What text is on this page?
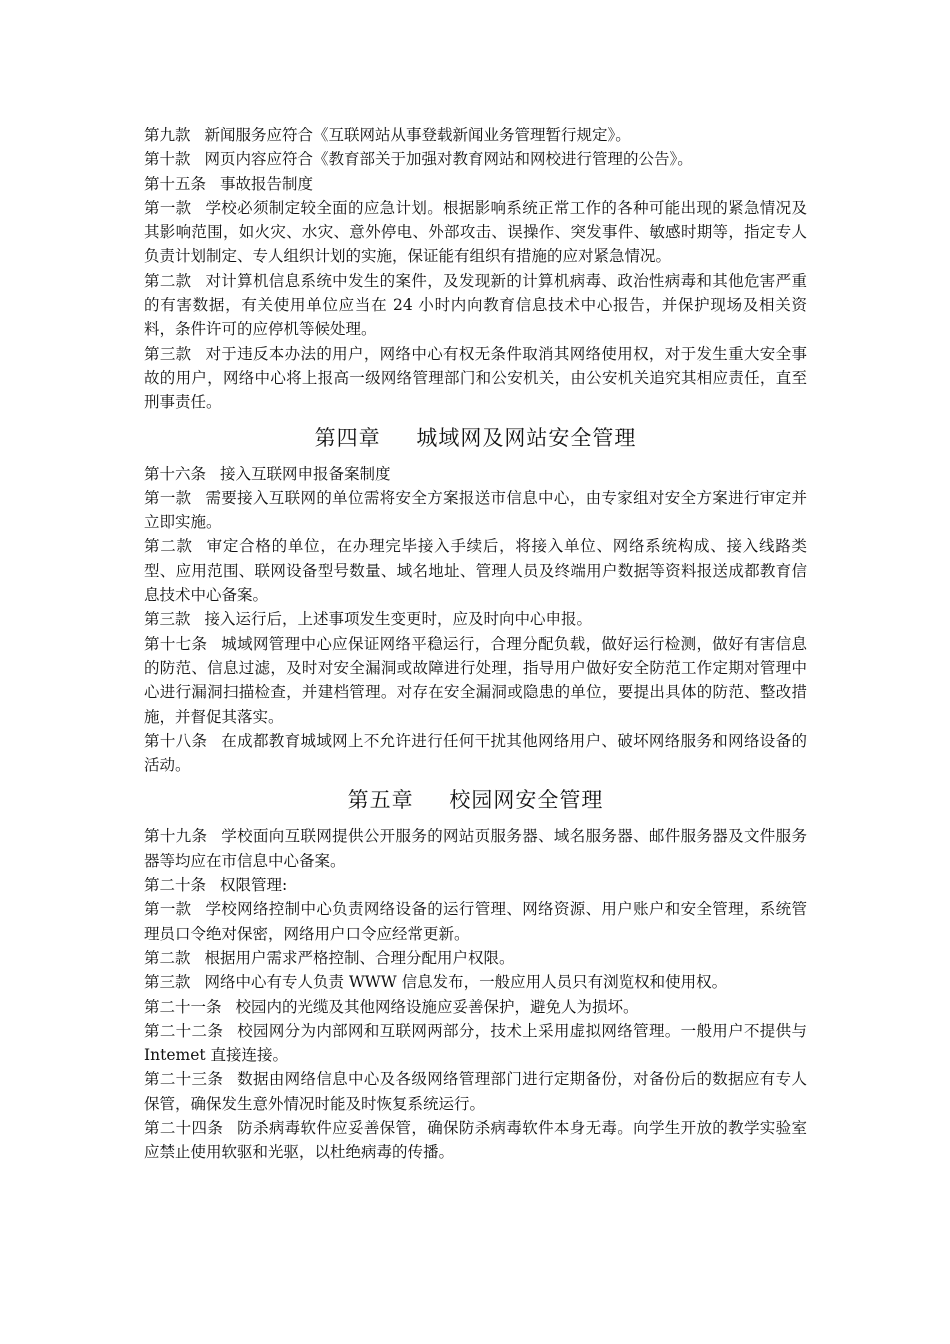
第九款 新闻服务应符合《互联网站从事登载新闻业务管理暂行规定》。

第十款 网页内容应符合《教育部关于加强对教育网站和网校进行管理的公告》。

第十五条 事故报告制度

第一款 学校必须制定较全面的应急计划。根据影响系统正常工作的各种可能出现的紧急情况及其影响范围，如火灾、水灾、意外停电、外部攻击、误操作、突发事件、敏感时期等，指定专人负责计划制定、专人组织计划的实施，保证能有组织有措施的应对紧急情况。

第二款 对计算机信息系统中发生的案件，及发现新的计算机病毒、政治性病毒和其他危害严重的有害数据，有关使用单位应当在 24 小时内向教育信息技术中心报告，并保护现场及相关资料，条件许可的应停机等候处理。

第三款 对于违反本办法的用户，网络中心有权无条件取消其网络使用权，对于发生重大安全事故的用户，网络中心将上报高一级网络管理部门和公安机关，由公安机关追究其相应责任，直至刑事责任。

第四章 城域网及网站安全管理

第十六条 接入互联网申报备案制度

第一款 需要接入互联网的单位需将安全方案报送市信息中心，由专家组对安全方案进行审定并立即实施。

第二款 审定合格的单位，在办理完毕接入手续后，将接入单位、网络系统构成、接入线路类型、应用范围、联网设备型号数量、域名地址、管理人员及终端用户数据等资料报送成都教育信息技术中心备案。

第三款 接入运行后，上述事项发生变更时，应及时向中心申报。

第十七条 城域网管理中心应保证网络平稳运行，合理分配负载，做好运行检测，做好有害信息的防范、信息过滤，及时对安全漏洞或故障进行处理，指导用户做好安全防范工作定期对管理中心进行漏洞扫描检查，并建档管理。对存在安全漏洞或隐患的单位，要提出具体的防范、整改措施，并督促其落实。

第十八条 在成都教育城域网上不允许进行任何干扰其他网络用户、破坏网络服务和网络设备的活动。

第五章 校园网安全管理

第十九条 学校面向互联网提供公开服务的网站页服务器、域名服务器、邮件服务器及文件服务器等均应在市信息中心备案。

第二十条 权限管理:

第一款 学校网络控制中心负责网络设备的运行管理、网络资源、用户账户和安全管理，系统管理员口令绝对保密，网络用户口令应经常更新。

第二款 根据用户需求严格控制、合理分配用户权限。

第三款 网络中心有专人负责 WWW 信息发布，一般应用人员只有浏览权和使用权。

第二十一条 校园内的光缆及其他网络设施应妥善保护，避免人为损坏。

第二十二条 校园网分为内部网和互联网两部分，技术上采用虚拟网络管理。一般用户不提供与 Intemet 直接连接。

第二十三条 数据由网络信息中心及各级网络管理部门进行定期备份，对备份后的数据应有专人保管，确保发生意外情况时能及时恢复系统运行。

第二十四条 防杀病毒软件应妥善保管，确保防杀病毒软件本身无毒。向学生开放的教学实验室应禁止使用软驱和光驱，以杜绝病毒的传播。
